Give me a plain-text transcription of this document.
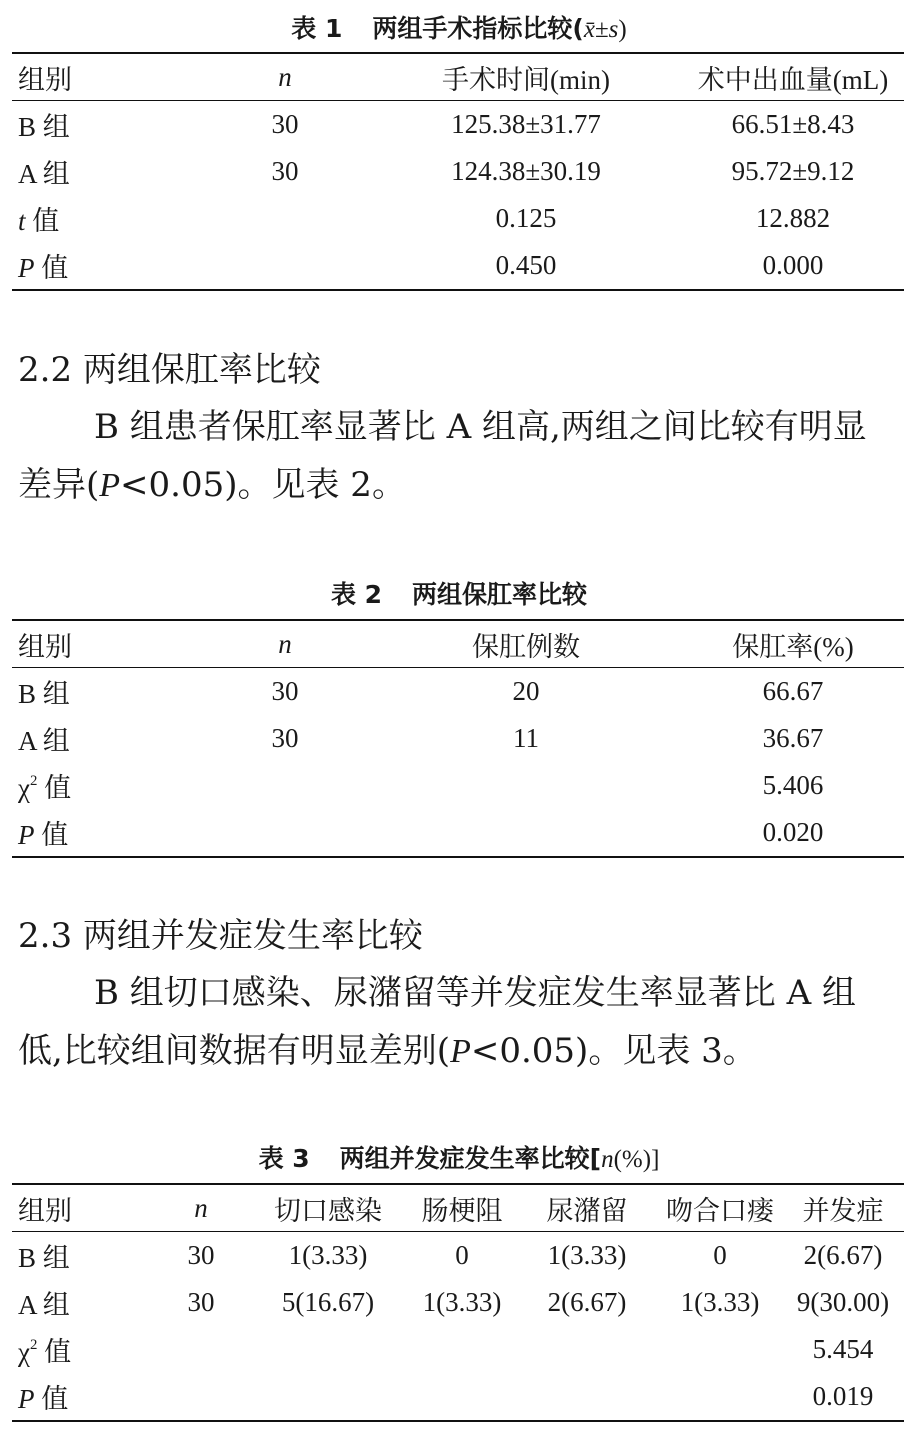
表 1 两组手术指标比较(x̄±s)
组别	n	手术时间(min)	术中出血量(mL)
B 组	30	125.38±31.77	66.51±8.43
A 组	30	124.38±30.19	95.72±9.12
t 值		0.125	12.882
P 值		0.450	0.000
2.2 两组保肛率比较

B 组患者保肛率显著比 A 组高,两组之间比较有明显差异(P<0.05)。见表 2。

表 2 两组保肛率比较
组别	n	保肛例数	保肛率(%)
B 组	30	20	66.67
A 组	30	11	36.67
$\chi^2$ 值			5.406
P 值			0.020
2.3 两组并发症发生率比较

B 组切口感染、尿潴留等并发症发生率显著比 A 组低,比较组间数据有明显差别(P<0.05)。见表 3。

表 3 两组并发症发生率比较[n(%)]
组别	n	切口感染	肠梗阻	尿潴留	吻合口瘘	并发症
B 组	30	1(3.33)	0	1(3.33)	0	2(6.67)
A 组	30	5(16.67)	1(3.33)	2(6.67)	1(3.33)	9(30.00)
$\chi^2$ 值						5.454
P 值						0.019
